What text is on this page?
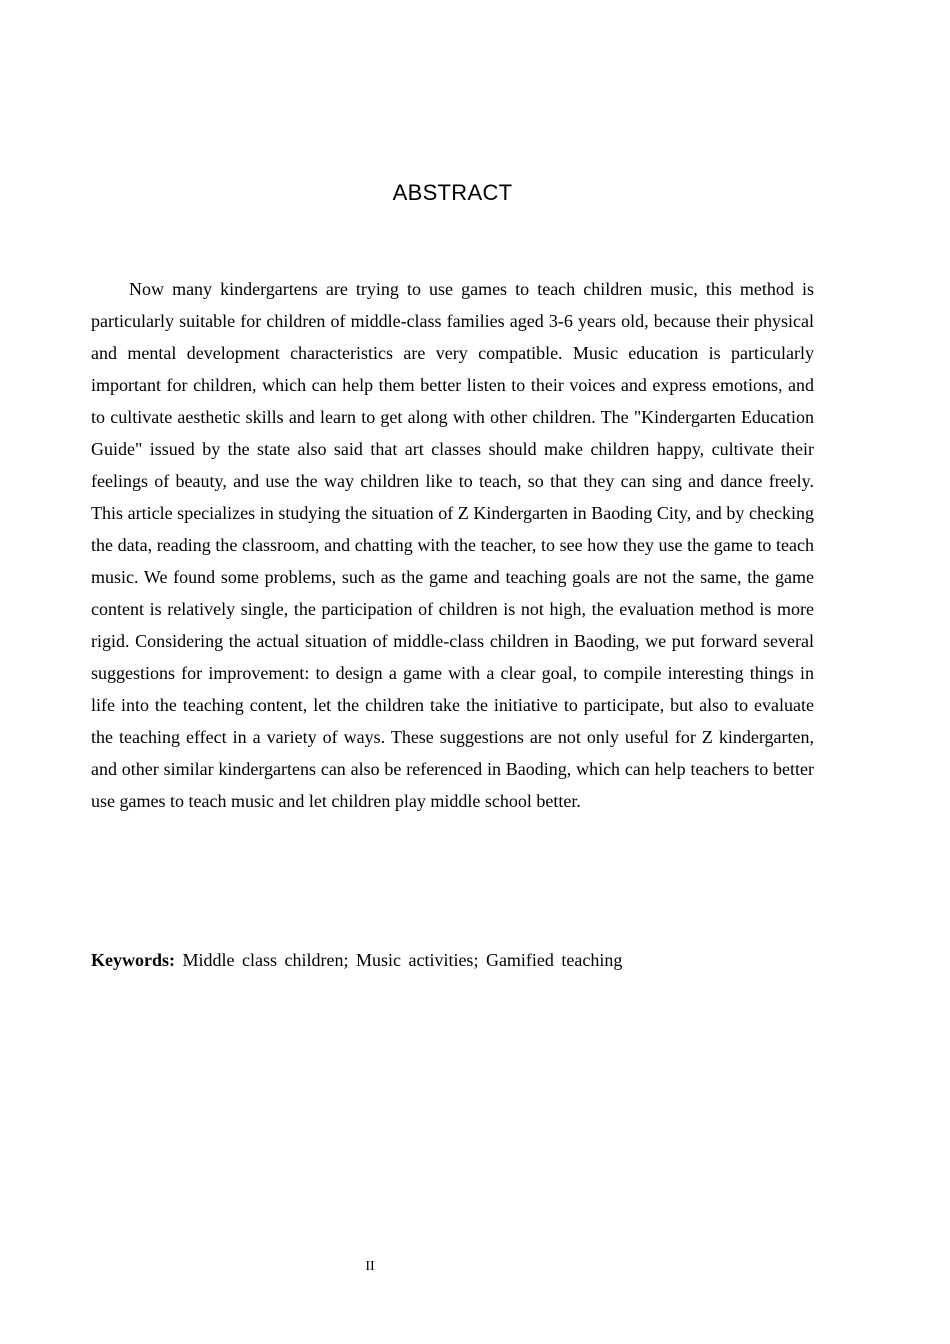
ABSTRACT

Now many kindergartens are trying to use games to teach children music, this method is particularly suitable for children of middle-class families aged 3-6 years old, because their physical and mental development characteristics are very compatible. Music education is particularly important for children, which can help them better listen to their voices and express emotions, and to cultivate aesthetic skills and learn to get along with other children. The "Kindergarten Education Guide" issued by the state also said that art classes should make children happy, cultivate their feelings of beauty, and use the way children like to teach, so that they can sing and dance freely. This article specializes in studying the situation of Z Kindergarten in Baoding City, and by checking the data, reading the classroom, and chatting with the teacher, to see how they use the game to teach music. We found some problems, such as the game and teaching goals are not the same, the game content is relatively single, the participation of children is not high, the evaluation method is more rigid. Considering the actual situation of middle-class children in Baoding, we put forward several suggestions for improvement: to design a game with a clear goal, to compile interesting things in life into the teaching content, let the children take the initiative to participate, but also to evaluate the teaching effect in a variety of ways. These suggestions are not only useful for Z kindergarten, and other similar kindergartens can also be referenced in Baoding, which can help teachers to better use games to teach music and let children play middle school better.

Keywords: Middle class children; Music activities; Gamified teaching
II
